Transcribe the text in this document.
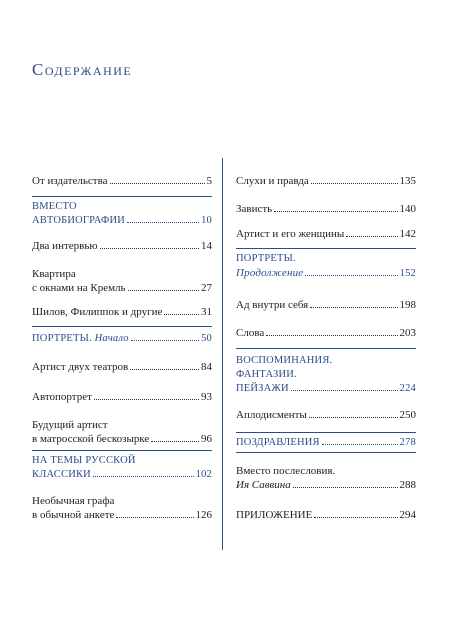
Содержание
От издательства	5
ВМЕСТО
АВТОБИОГРАФИИ	10
Два интервью	14
Квартира
с окнами на Кремль	27
Шилов, Филиппок и другие	31
ПОРТРЕТЫ. Начало	50
Артист двух театров	84
Автопортрет	93
Будущий артист
в матросской бескозырке	96
НА ТЕМЫ РУССКОЙ
КЛАССИКИ	102
Необычная графа
в обычной анкете	126
Слухи и правда	135
Зависть	140
Артист и его женщины	142
ПОРТРЕТЫ.
Продолжение	152
Ад внутри себя	198
Слова	203
ВОСПОМИНАНИЯ.
ФАНТАЗИИ.
ПЕЙЗАЖИ	224
Аплодисменты	250
ПОЗДРАВЛЕНИЯ	278
Вместо послесловия.
Ия Саввина	288
ПРИЛОЖЕНИЕ	294
